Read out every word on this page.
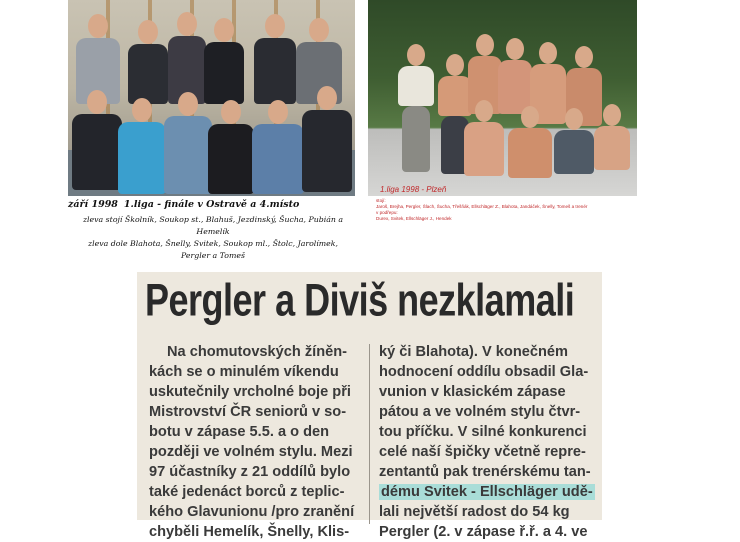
září 1998 1.liga - finále v Ostravě a 4.místo

zleva stojí Školník, Soukop st., Blahuš, Jezdinský, Šucha, Pubián a Hemelík

zleva dole Blahota, Šnelly, Svitek, Soukop ml., Štolc, Jarolímek,

Pergler a Tomeš

1.liga 1998 - Plzeň
stojí:
Jaroš, Brejha, Pergler, Šlach, Šucha, Třešňák, Ellschläger Z., Blahota, Jandáček, Šnelly, Tomeš a trenér
v podřepu:
Durex, Svitek, Ellschläger J., Hendek
Pergler a Diviš nezklamali

Na chomutovských žíněn-

kách se o minulém víkendu

uskutečnily vrcholné boje při

Mistrovství ČR seniorů v so-

botu v zápase 5.5. a o den

později ve volném stylu. Mezi

97 účastníky z 21 oddílů bylo

také jedenáct borců z teplic-

kého Glavunionu /pro zranění

chyběli Hemelík, Šnelly, Klis-

ký či Blahota). V konečném

hodnocení oddílu obsadil Gla-

vunion v klasickém zápase

pátou a ve volném stylu čtvr-

tou příčku. V silné konkurenci

celé naší špičky včetně repre-

zentantů pak trenérskému tan-

dému Svitek - Ellschläger udě-

lali největší radost do 54 kg

Pergler (2. v zápase ř.ř. a 4. ve
